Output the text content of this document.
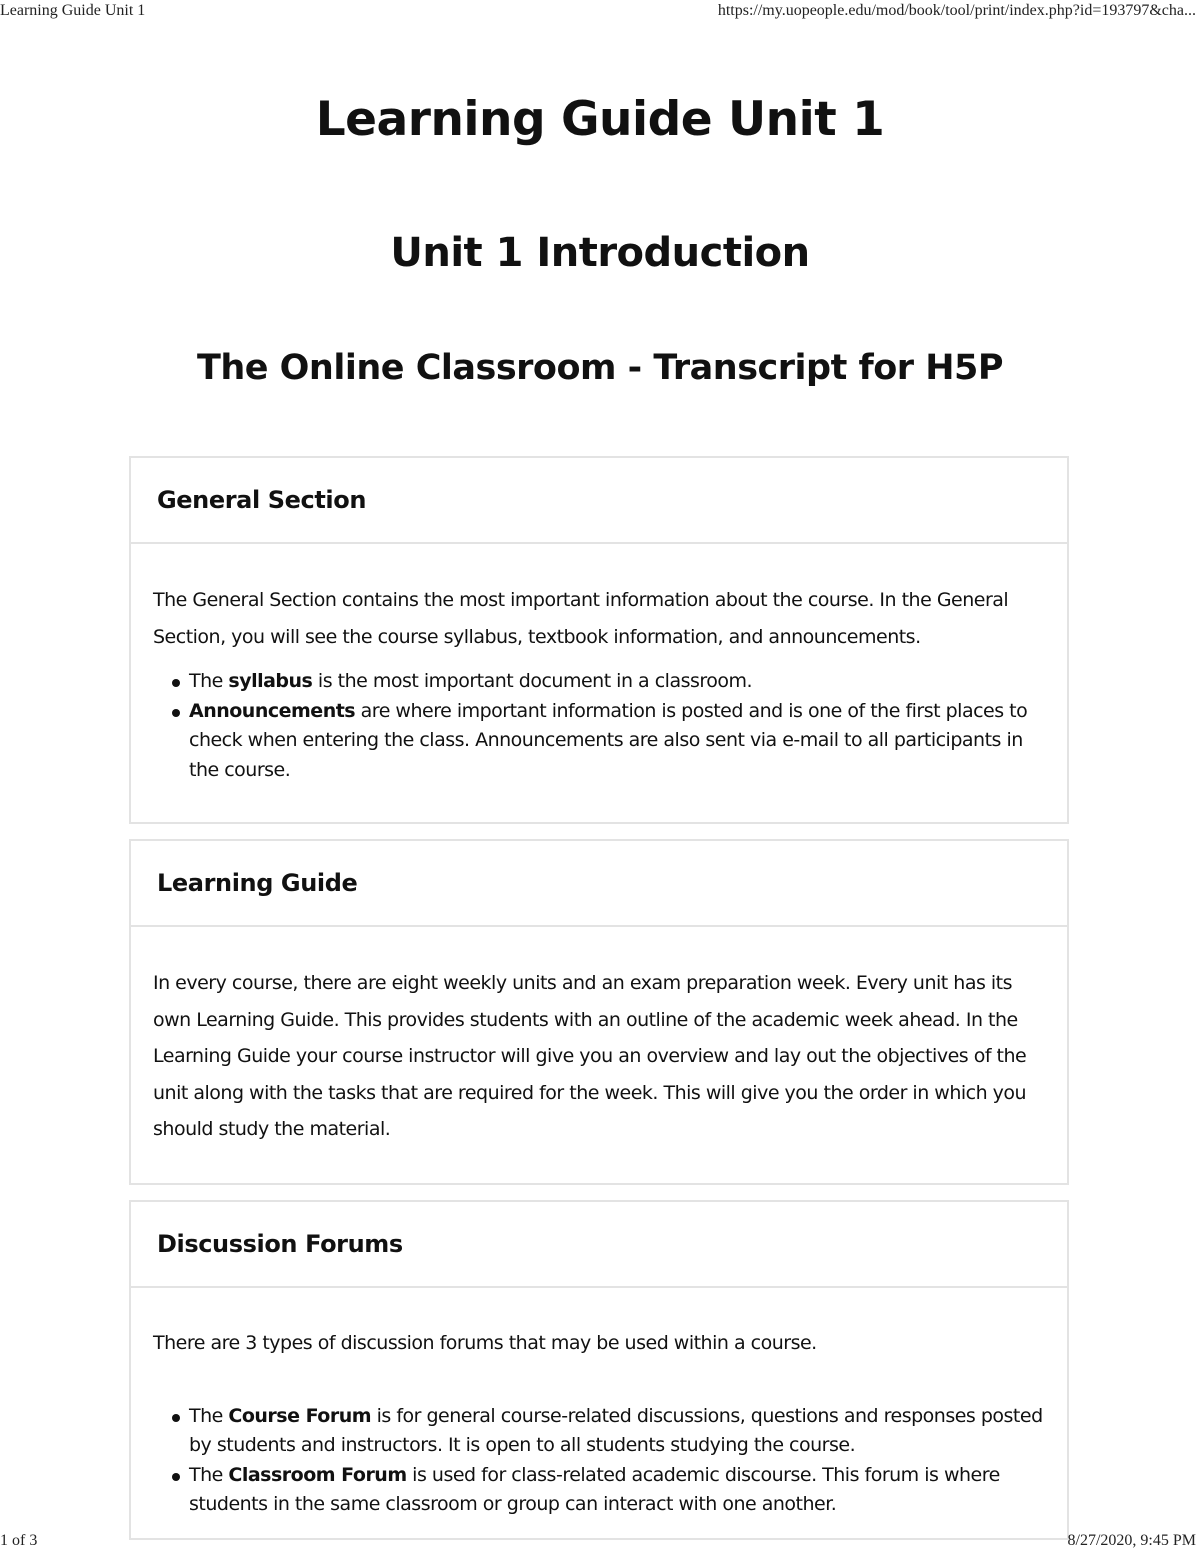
Learning Guide Unit 1	https://my.uopeople.edu/mod/book/tool/print/index.php?id=193797&cha...
Learning Guide Unit 1
Unit 1 Introduction
The Online Classroom - Transcript for H5P
General Section

The General Section contains the most important information about the course. In the General Section, you will see the course syllabus, textbook information, and announcements.

The syllabus is the most important document in a classroom.
Announcements are where important information is posted and is one of the first places to check when entering the class. Announcements are also sent via e-mail to all participants in the course.
Learning Guide

In every course, there are eight weekly units and an exam preparation week. Every unit has its own Learning Guide. This provides students with an outline of the academic week ahead. In the Learning Guide your course instructor will give you an overview and lay out the objectives of the unit along with the tasks that are required for the week. This will give you the order in which you should study the material.

Discussion Forums

There are 3 types of discussion forums that may be used within a course.

The Course Forum is for general course-related discussions, questions and responses posted by students and instructors. It is open to all students studying the course.
The Classroom Forum is used for class-related academic discourse. This forum is where students in the same classroom or group can interact with one another.
1 of 3	8/27/2020, 9:45 PM
